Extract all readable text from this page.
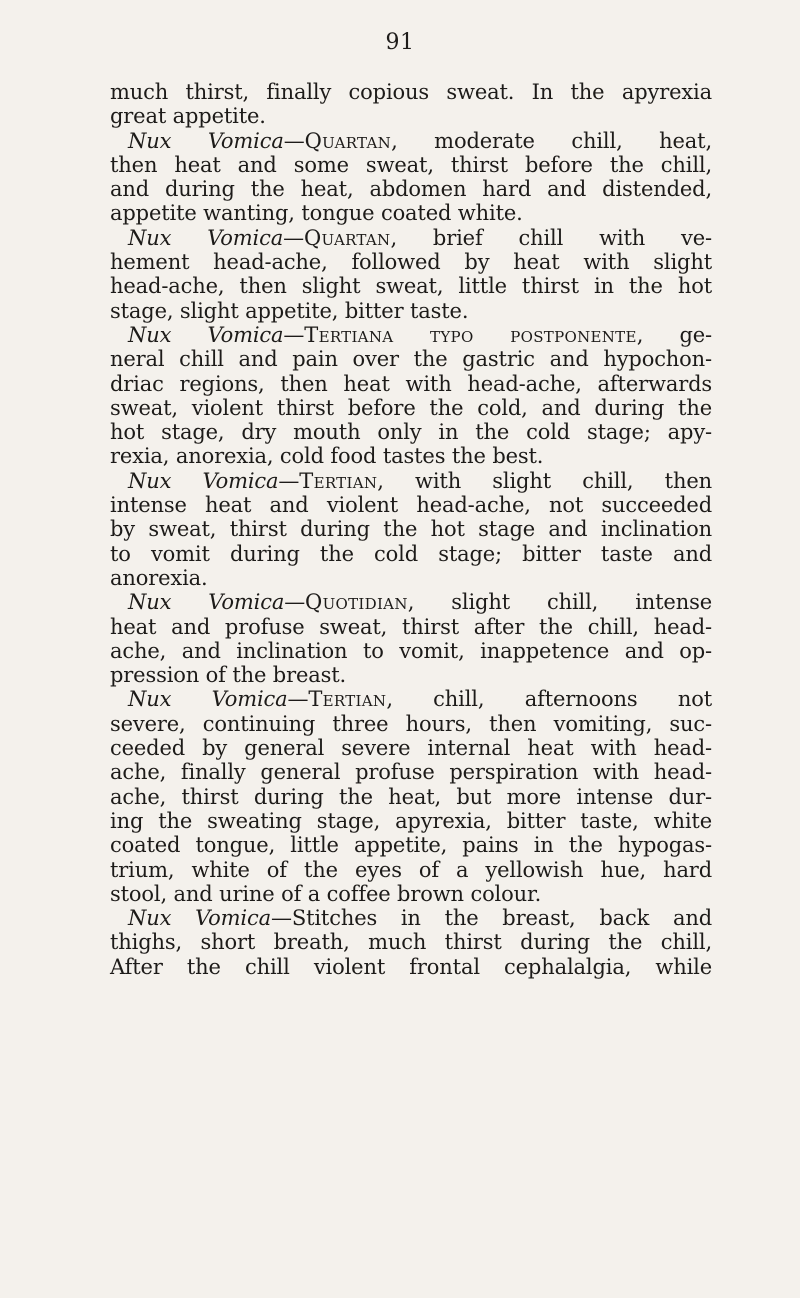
91
much thirst, finally copious sweat. In the apyrexia
great appetite.
Nux Vomica—Quartan, moderate chill, heat,
then heat and some sweat, thirst before the chill,
and during the heat, abdomen hard and distended,
appetite wanting, tongue coated white.
Nux Vomica—Quartan, brief chill with ve-
hement head-ache, followed by heat with slight
head-ache, then slight sweat, little thirst in the hot
stage, slight appetite, bitter taste.
Nux Vomica—Tertiana typo postponente, ge-
neral chill and pain over the gastric and hypochon-
driac regions, then heat with head-ache, afterwards
sweat, violent thirst before the cold, and during the
hot stage, dry mouth only in the cold stage; apy-
rexia, anorexia, cold food tastes the best.
Nux Vomica—Tertian, with slight chill, then
intense heat and violent head-ache, not succeeded
by sweat, thirst during the hot stage and inclination
to vomit during the cold stage; bitter taste and
anorexia.
Nux Vomica—Quotidian, slight chill, intense
heat and profuse sweat, thirst after the chill, head-
ache, and inclination to vomit, inappetence and op-
pression of the breast.
Nux Vomica—Tertian, chill, afternoons not
severe, continuing three hours, then vomiting, suc-
ceeded by general severe internal heat with head-
ache, finally general profuse perspiration with head-
ache, thirst during the heat, but more intense dur-
ing the sweating stage, apyrexia, bitter taste, white
coated tongue, little appetite, pains in the hypogas-
trium, white of the eyes of a yellowish hue, hard
stool, and urine of a coffee brown colour.
Nux Vomica—Stitches in the breast, back and
thighs, short breath, much thirst during the chill,
After the chill violent frontal cephalalgia, while
